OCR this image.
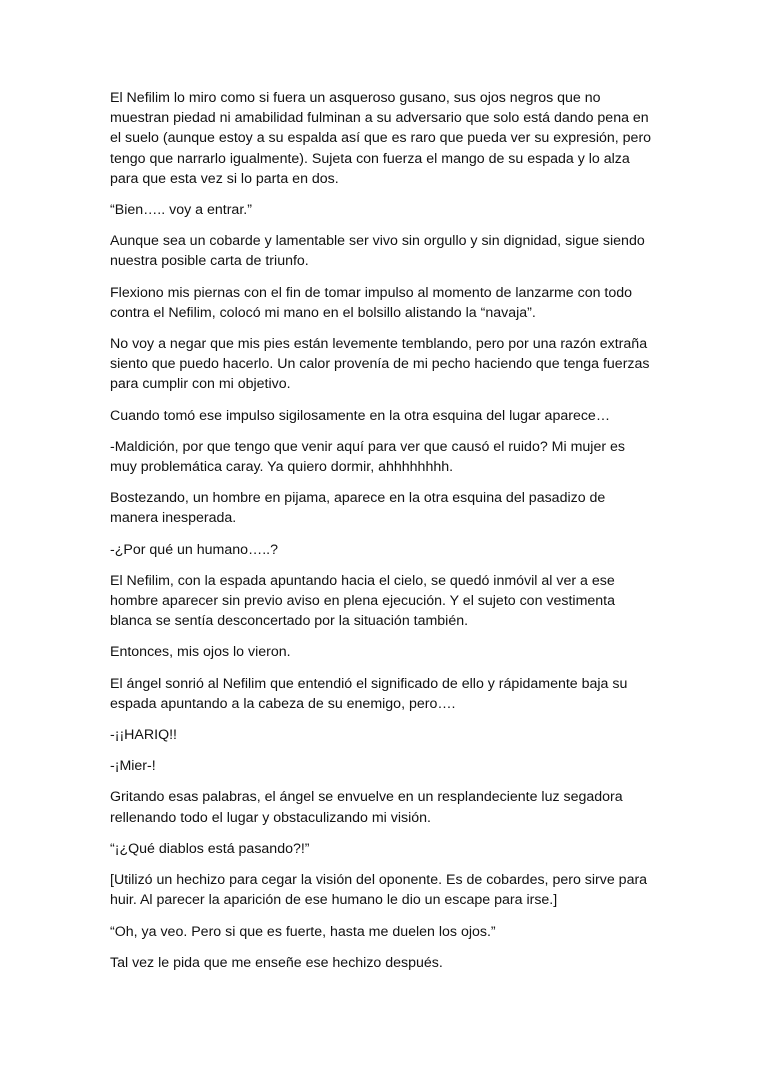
El Nefilim lo miro como si fuera un asqueroso gusano, sus ojos negros que no muestran piedad ni amabilidad fulminan a su adversario que solo está dando pena en el suelo (aunque estoy a su espalda así que es raro que pueda ver su expresión, pero tengo que narrarlo igualmente). Sujeta con fuerza el mango de su espada y lo alza para que esta vez si lo parta en dos.

“Bien….. voy a entrar.”

Aunque sea un cobarde y lamentable ser vivo sin orgullo y sin dignidad, sigue siendo nuestra posible carta de triunfo.

Flexiono mis piernas con el fin de tomar impulso al momento de lanzarme con todo contra el Nefilim, colocó mi mano en el bolsillo alistando la “navaja”.

No voy a negar que mis pies están levemente temblando, pero por una razón extraña siento que puedo hacerlo. Un calor provenía de mi pecho haciendo que tenga fuerzas para cumplir con mi objetivo.

Cuando tomó ese impulso sigilosamente en la otra esquina del lugar aparece…

-Maldición, por que tengo que venir aquí para ver que causó el ruido? Mi mujer es muy problemática caray. Ya quiero dormir, ahhhhhhhh.

Bostezando, un hombre en pijama, aparece en la otra esquina del pasadizo de manera inesperada.

-¿Por qué un humano…..?

El Nefilim, con la espada apuntando hacia el cielo, se quedó inmóvil al ver a ese hombre aparecer sin previo aviso en plena ejecución. Y el sujeto con vestimenta blanca se sentía desconcertado por la situación también.

Entonces, mis ojos lo vieron.

El ángel sonrió al Nefilim que entendió el significado de ello y rápidamente baja su espada apuntando a la cabeza de su enemigo, pero….

-¡¡HARIQ!!

-¡Mier-!

Gritando esas palabras, el ángel se envuelve en un resplandeciente luz segadora rellenando todo el lugar y obstaculizando mi visión.

“¡¿Qué diablos está pasando?!”

[Utilizó un hechizo para cegar la visión del oponente. Es de cobardes, pero sirve para huir. Al parecer la aparición de ese humano le dio un escape para irse.]

“Oh, ya veo. Pero si que es fuerte, hasta me duelen los ojos.”

Tal vez le pida que me enseñe ese hechizo después.
